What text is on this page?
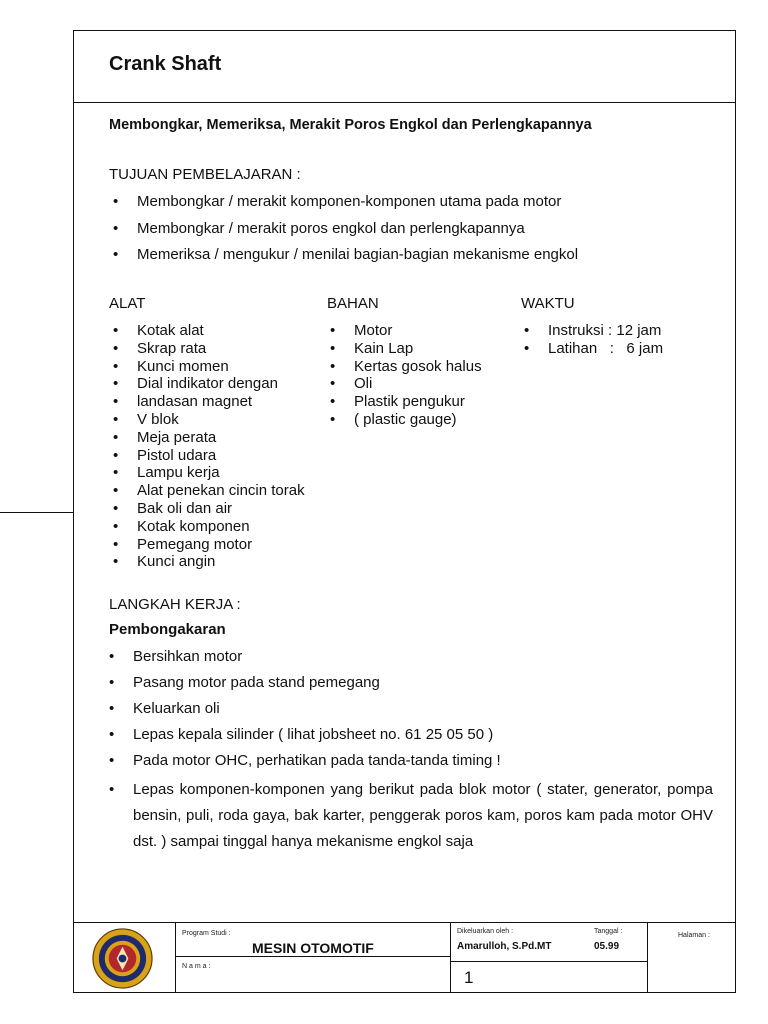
Crank Shaft
Membongkar, Memeriksa, Merakit Poros Engkol dan Perlengkapannya
TUJUAN PEMBELAJARAN :
• Membongkar / merakit komponen-komponen utama pada motor
• Membongkar / merakit poros engkol dan perlengkapannya
• Memeriksa / mengukur / menilai bagian-bagian mekanisme engkol
ALAT
• Kotak alat
• Skrap rata
• Kunci momen
• Dial indikator dengan
• landasan magnet
• V blok
• Meja perata
• Pistol udara
• Lampu kerja
• Alat penekan cincin torak
• Bak oli dan air
• Kotak komponen
• Pemegang motor
• Kunci angin
BAHAN
• Motor
• Kain Lap
• Kertas gosok halus
• Oli
• Plastik pengukur
• ( plastic gauge)
WAKTU
• Instruksi : 12 jam
• Latihan   :   6 jam
LANGKAH KERJA :
Pembongakaran
• Bersihkan motor
• Pasang motor pada stand pemegang
• Keluarkan oli
• Lepas kepala silinder ( lihat jobsheet no. 61 25 05 50 )
• Pada motor OHC, perhatikan pada tanda-tanda timing !
• Lepas komponen-komponen yang berikut pada blok motor ( stater, generator, pompa bensin, puli, roda gaya, bak karter, penggerak poros kam, poros kam pada motor OHV dst. ) sampai tinggal hanya mekanisme engkol saja
Program Studi :
MESIN OTOMOTIF
N a m a :
Dikeluarkan oleh :
Amarulloh, S.Pd.MT
Tanggal :
05.99
1
Halaman :
